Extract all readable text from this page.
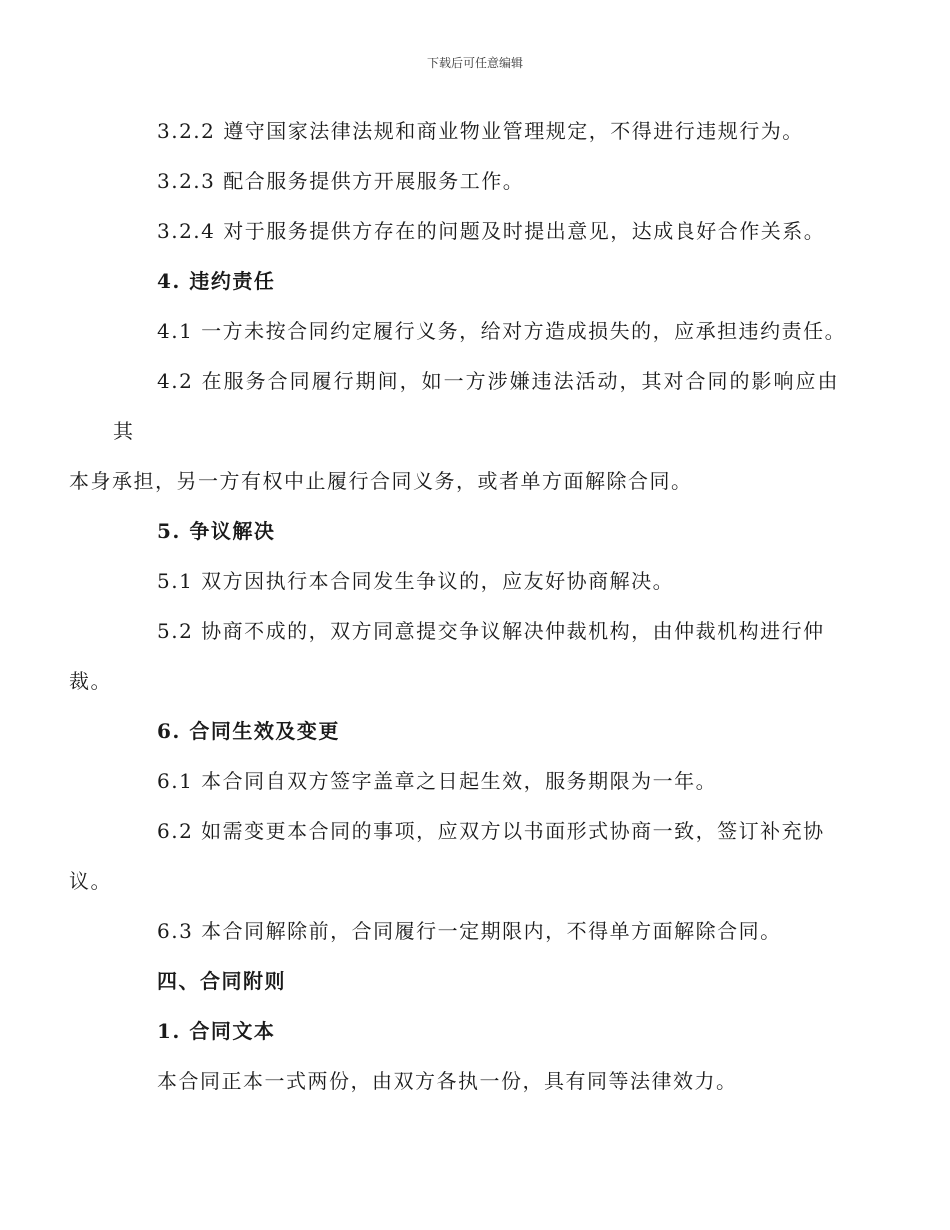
下载后可任意编辑

3.2.2 遵守国家法律法规和商业物业管理规定，不得进行违规行为。

3.2.3 配合服务提供方开展服务工作。

3.2.4 对于服务提供方存在的问题及时提出意见，达成良好合作关系。

4. 违约责任

4.1 一方未按合同约定履行义务，给对方造成损失的，应承担违约责任。

4.2 在服务合同履行期间，如一方涉嫌违法活动，其对合同的影响应由其
本身承担，另一方有权中止履行合同义务，或者单方面解除合同。

5. 争议解决

5.1 双方因执行本合同发生争议的，应友好协商解决。

5.2 协商不成的，双方同意提交争议解决仲裁机构，由仲裁机构进行仲
裁。

6. 合同生效及变更

6.1 本合同自双方签字盖章之日起生效，服务期限为一年。

6.2 如需变更本合同的事项，应双方以书面形式协商一致，签订补充协
议。

6.3 本合同解除前，合同履行一定期限内，不得单方面解除合同。

四、合同附则

1. 合同文本

本合同正本一式两份，由双方各执一份，具有同等法律效力。
